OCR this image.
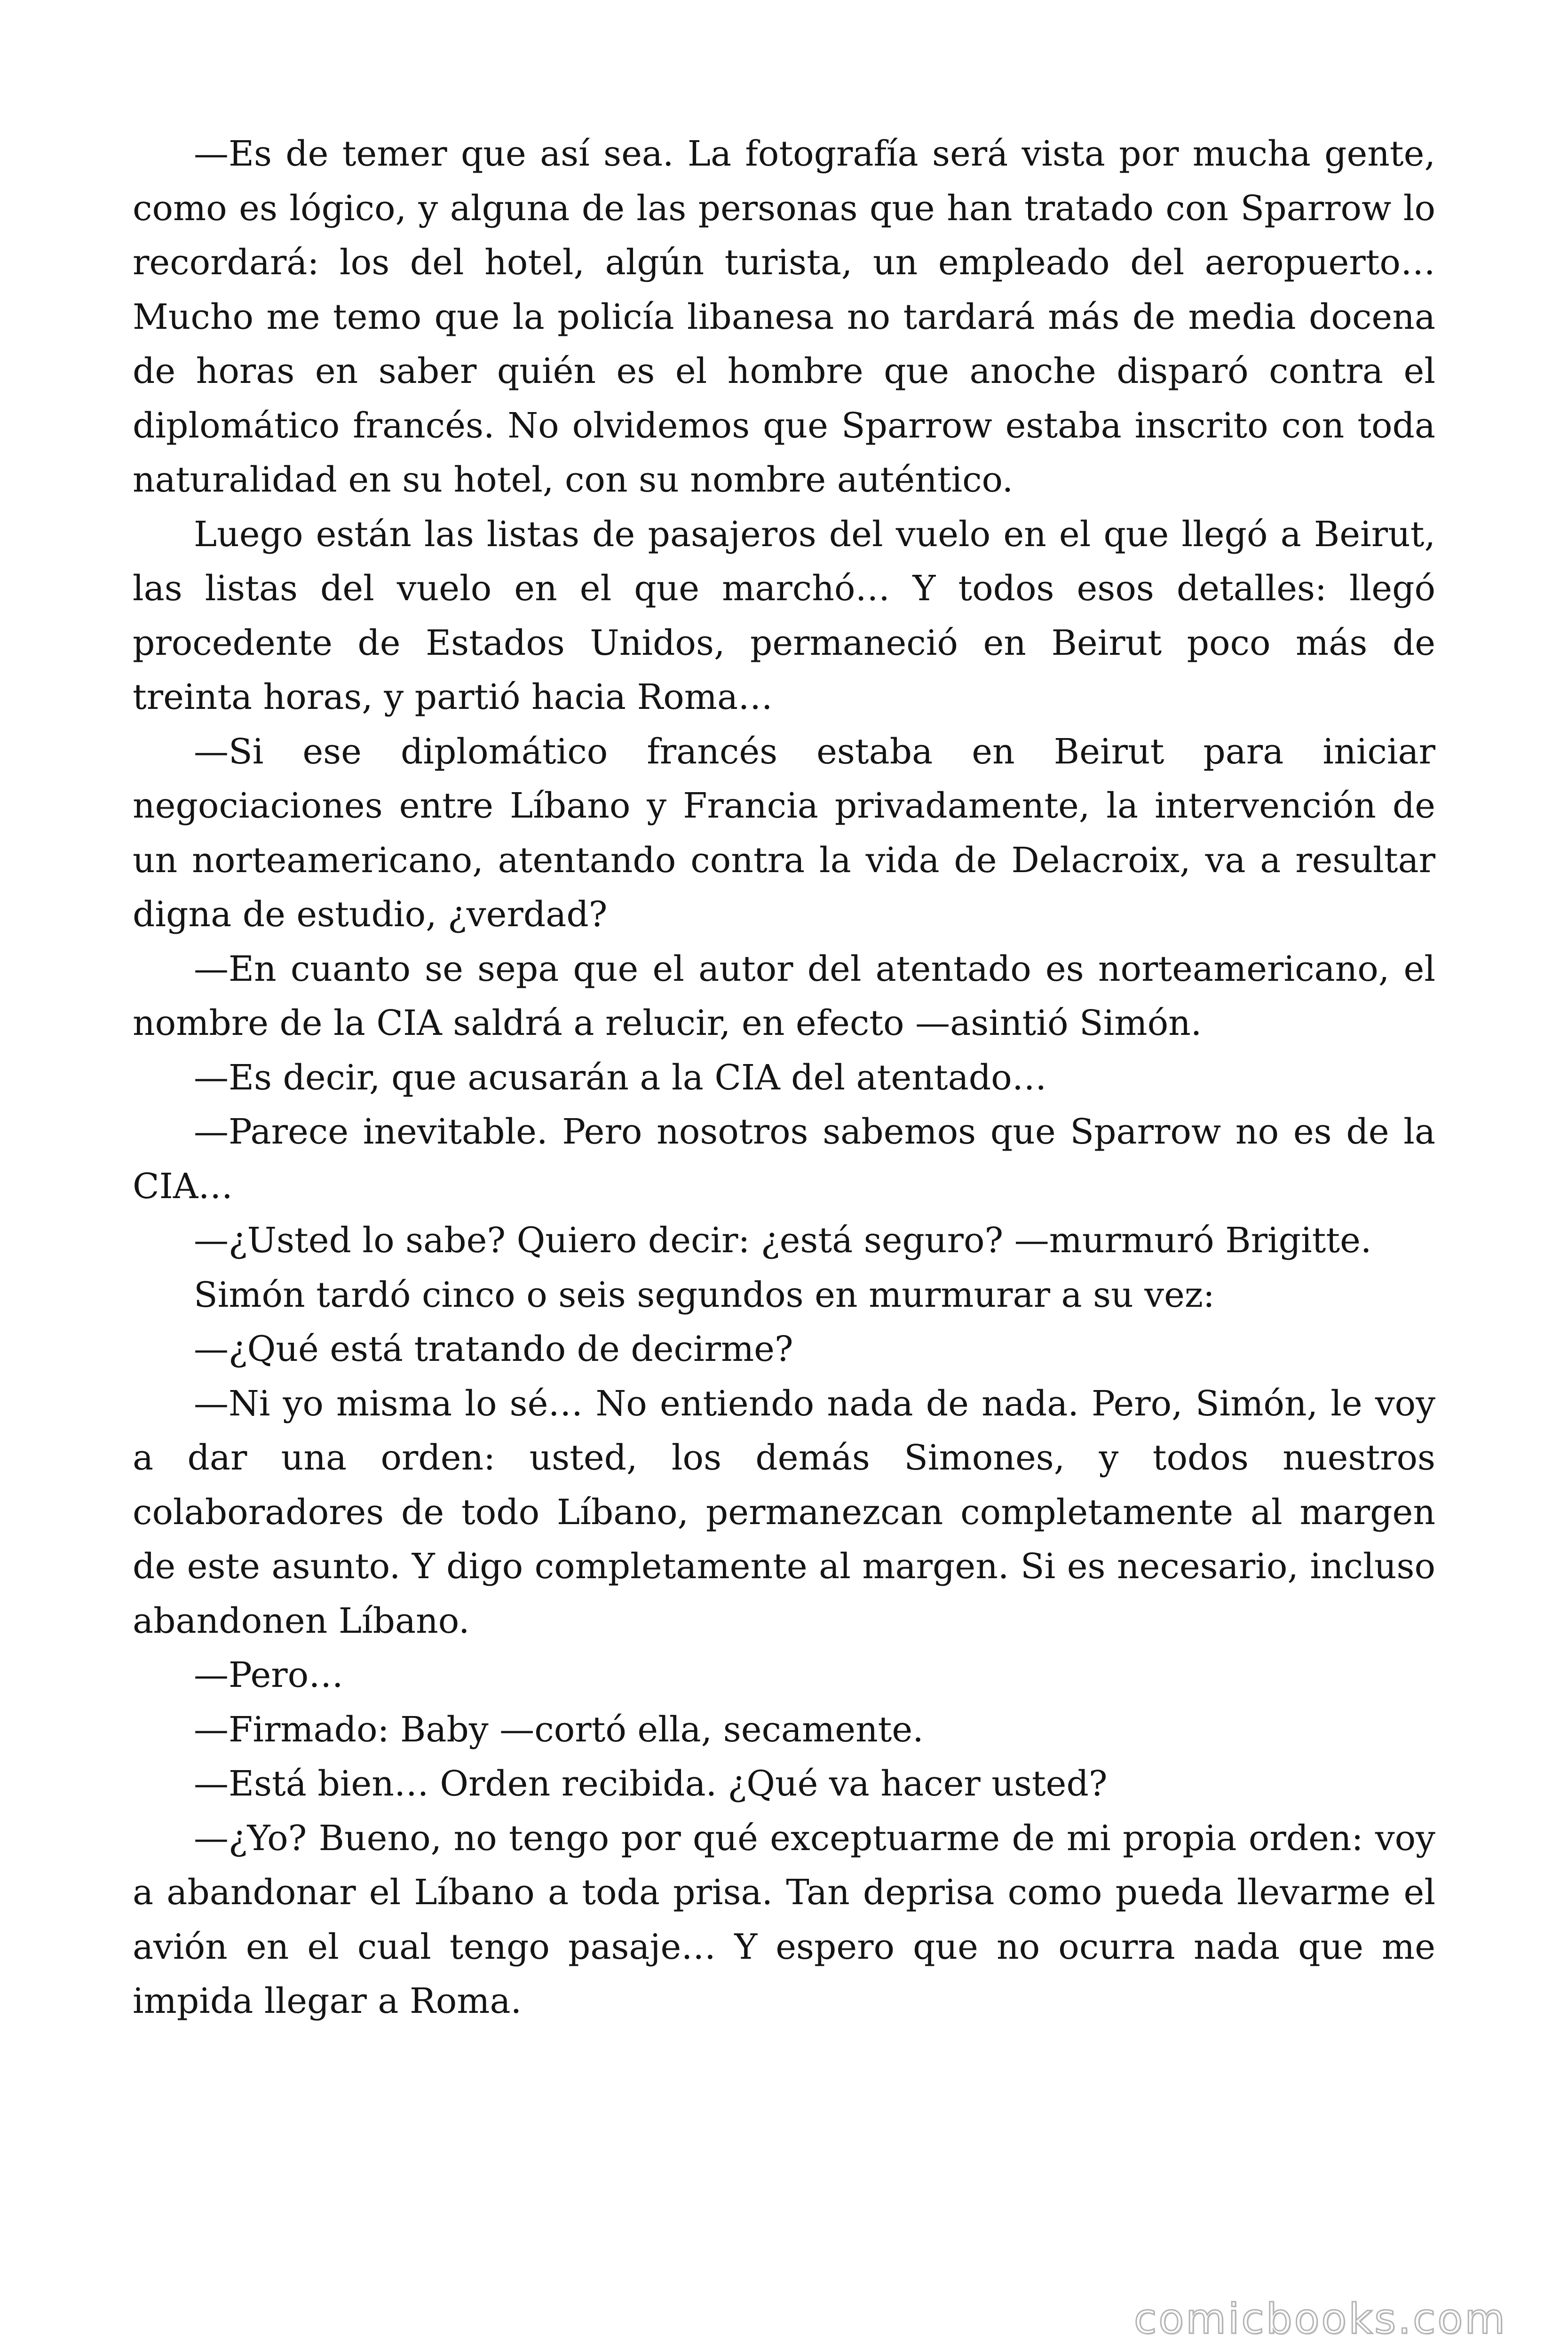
—Es de temer que así sea. La fotografía será vista por mucha gente, como es lógico, y alguna de las personas que han tratado con Sparrow lo recordará: los del hotel, algún turista, un empleado del aeropuerto… Mucho me temo que la policía libanesa no tardará más de media docena de horas en saber quién es el hombre que anoche disparó contra el diplomático francés. No olvidemos que Sparrow estaba inscrito con toda naturalidad en su hotel, con su nombre auténtico.

Luego están las listas de pasajeros del vuelo en el que llegó a Beirut, las listas del vuelo en el que marchó… Y todos esos detalles: llegó procedente de Estados Unidos, permaneció en Beirut poco más de treinta horas, y partió hacia Roma…

—Si ese diplomático francés estaba en Beirut para iniciar negociaciones entre Líbano y Francia privadamente, la intervención de un norteamericano, atentando contra la vida de Delacroix, va a resultar digna de estudio, ¿verdad?

—En cuanto se sepa que el autor del atentado es norteamericano, el nombre de la CIA saldrá a relucir, en efecto —asintió Simón.

—Es decir, que acusarán a la CIA del atentado…

—Parece inevitable. Pero nosotros sabemos que Sparrow no es de la CIA…

—¿Usted lo sabe? Quiero decir: ¿está seguro? —murmuró Brigitte.

Simón tardó cinco o seis segundos en murmurar a su vez:

—¿Qué está tratando de decirme?

—Ni yo misma lo sé… No entiendo nada de nada. Pero, Simón, le voy a dar una orden: usted, los demás Simones, y todos nuestros colaboradores de todo Líbano, permanezcan completamente al margen de este asunto. Y digo completamente al margen. Si es necesario, incluso abandonen Líbano.

—Pero…

—Firmado: Baby —cortó ella, secamente.

—Está bien… Orden recibida. ¿Qué va hacer usted?

—¿Yo? Bueno, no tengo por qué exceptuarme de mi propia orden: voy a abandonar el Líbano a toda prisa. Tan deprisa como pueda llevarme el avión en el cual tengo pasaje… Y espero que no ocurra nada que me impida llegar a Roma.

comicbooks.com
